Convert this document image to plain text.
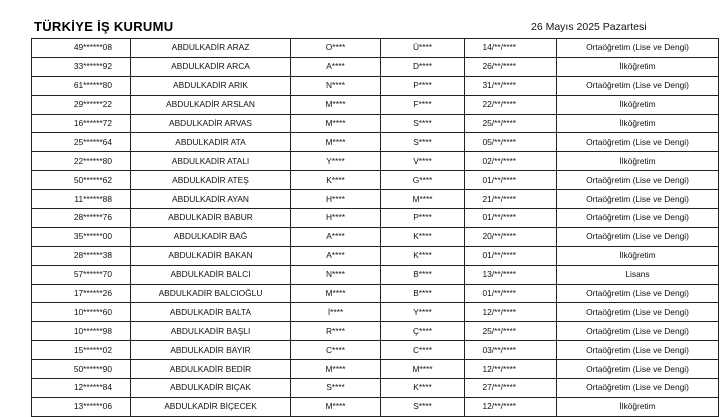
TÜRKİYE İŞ KURUMU	26 Mayıs 2025 Pazartesi
49******08	ABDULKADİR ARAZ	O****	Ü****	14/**/****	Ortaöğretim (Lise ve Dengi)
33******92	ABDULKADİR ARCA	A****	D****	26/**/****	İlköğretim
61******80	ABDULKADİR ARIK	N****	P****	31/**/****	Ortaöğretim (Lise ve Dengi)
29******22	ABDULKADİR ARSLAN	M****	F****	22/**/****	İlköğretim
16******72	ABDULKADİR ARVAS	M****	S****	25/**/****	İlköğretim
25******64	ABDULKADİR ATA	M****	S****	05/**/****	Ortaöğretim (Lise ve Dengi)
22******80	ABDULKADİR ATALI	Y****	V****	02/**/****	İlköğretim
50******62	ABDULKADİR ATEŞ	K****	G****	01/**/****	Ortaöğretim (Lise ve Dengi)
11******88	ABDULKADİR AYAN	H****	M****	21/**/****	Ortaöğretim (Lise ve Dengi)
28******76	ABDULKADİR BABUR	H****	P****	01/**/****	Ortaöğretim (Lise ve Dengi)
35******00	ABDULKADİR BAĞ	A****	K****	20/**/****	Ortaöğretim (Lise ve Dengi)
28******38	ABDULKADİR BAKAN	A****	K****	01/**/****	İlköğretim
57******70	ABDULKADİR BALCI	N****	B****	13/**/****	Lisans
17******26	ABDULKADİR BALCIOĞLU	M****	B****	01/**/****	Ortaöğretim (Lise ve Dengi)
10******60	ABDULKADİR BALTA	İ****	Y****	12/**/****	Ortaöğretim (Lise ve Dengi)
10******98	ABDULKADİR BAŞLI	R****	Ç****	25/**/****	Ortaöğretim (Lise ve Dengi)
15******02	ABDULKADİR BAYIR	C****	C****	03/**/****	Ortaöğretim (Lise ve Dengi)
50******90	ABDULKADİR BEDİR	M****	M****	12/**/****	Ortaöğretim (Lise ve Dengi)
12******84	ABDULKADİR BIÇAK	S****	K****	27/**/****	Ortaöğretim (Lise ve Dengi)
13******06	ABDULKADİR BİÇECEK	M****	S****	12/**/****	İlköğretim
